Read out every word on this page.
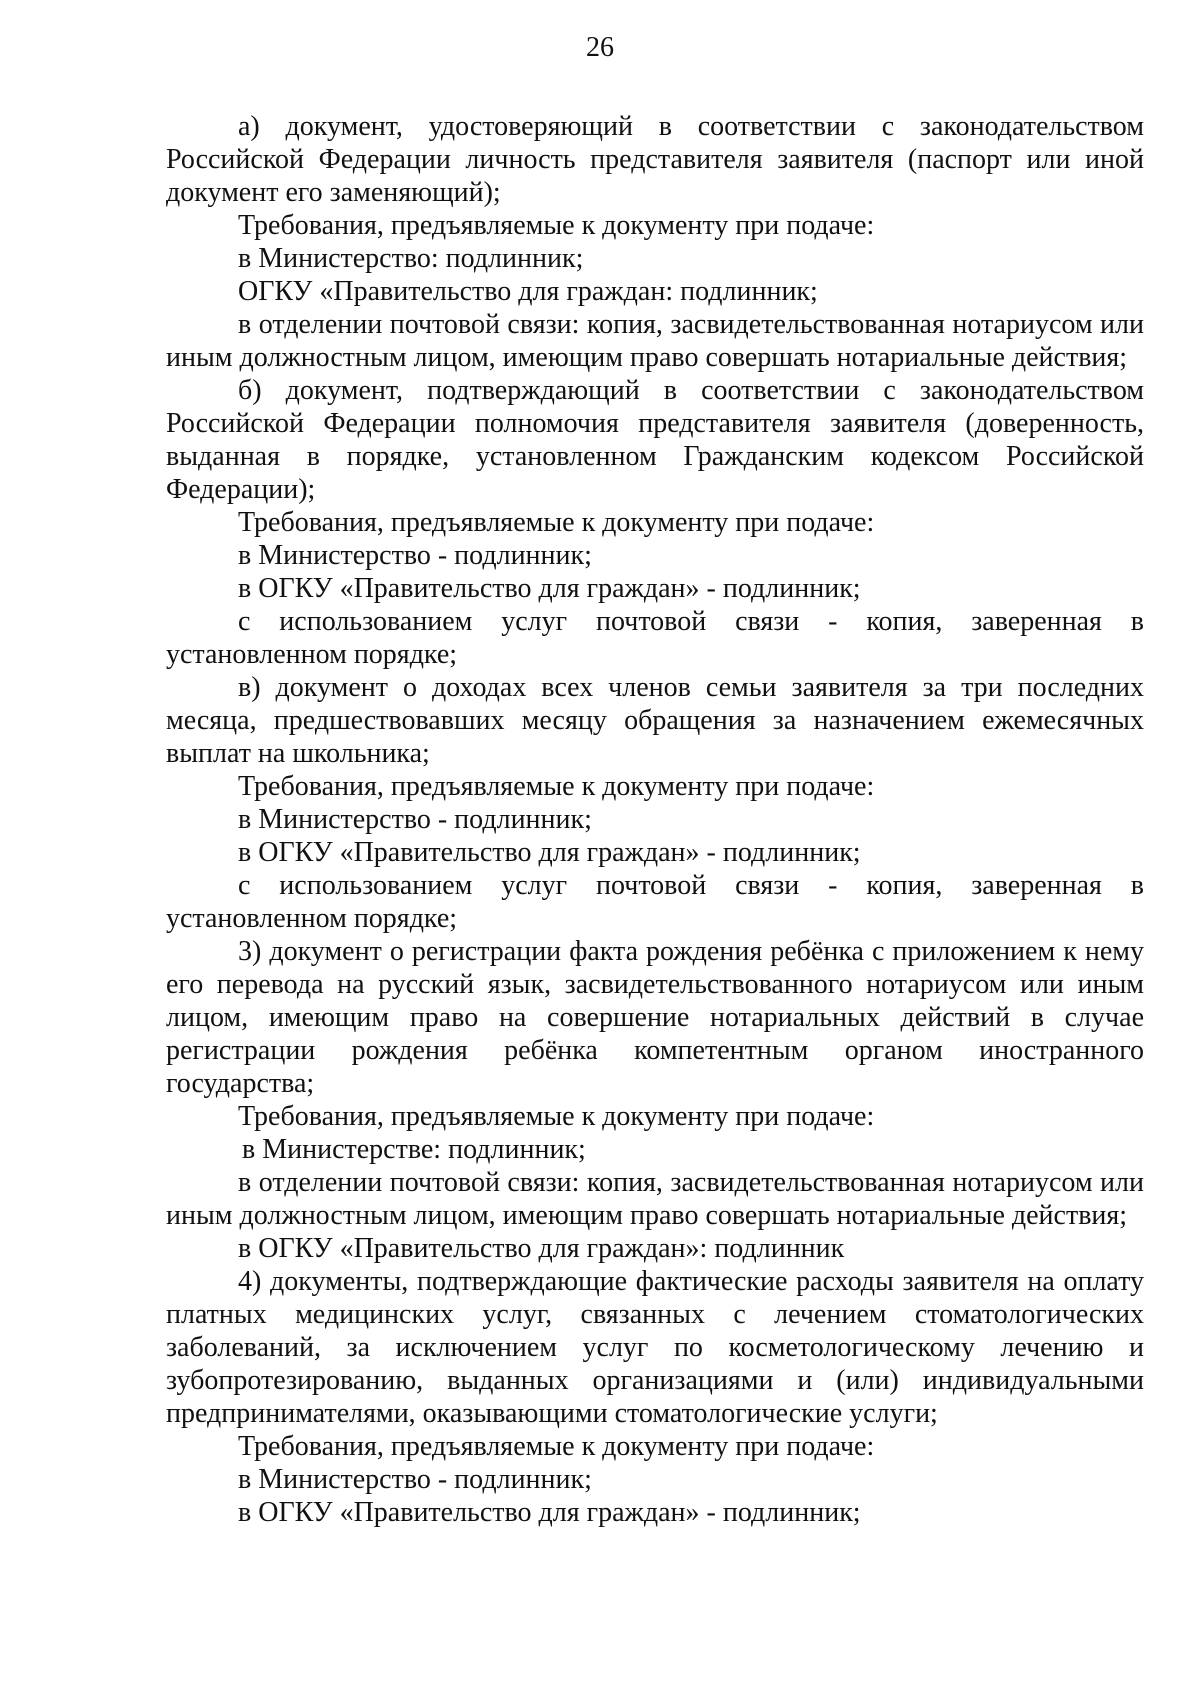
26

а) документ, удостоверяющий в соответствии с законодательством Российской Федерации личность представителя заявителя (паспорт или иной документ его заменяющий);

Требования, предъявляемые к документу при подаче:

в Министерство: подлинник;

ОГКУ «Правительство для граждан: подлинник;

в отделении почтовой связи: копия, засвидетельствованная нотариусом или иным должностным лицом, имеющим право совершать нотариальные действия;

б) документ, подтверждающий в соответствии с законодательством Российской Федерации полномочия представителя заявителя (доверенность, выданная в порядке, установленном Гражданским кодексом Российской Федерации);

Требования, предъявляемые к документу при подаче:

в Министерство - подлинник;

в ОГКУ «Правительство для граждан» - подлинник;

с использованием услуг почтовой связи - копия, заверенная в установленном порядке;

в) документ о доходах всех членов семьи заявителя за три последних месяца, предшествовавших месяцу обращения за назначением ежемесячных выплат на школьника;

Требования, предъявляемые к документу при подаче:

в Министерство - подлинник;

в ОГКУ «Правительство для граждан» - подлинник;

с использованием услуг почтовой связи - копия, заверенная в установленном порядке;

3) документ о регистрации факта рождения ребёнка с приложением к нему его перевода на русский язык, засвидетельствованного нотариусом или иным лицом, имеющим право на совершение нотариальных действий в случае регистрации рождения ребёнка компетентным органом иностранного государства;

Требования, предъявляемые к документу при подаче:

в Министерстве: подлинник;

в отделении почтовой связи: копия, засвидетельствованная нотариусом или иным должностным лицом, имеющим право совершать нотариальные действия;

в ОГКУ «Правительство для граждан»: подлинник

4) документы, подтверждающие фактические расходы заявителя на оплату платных медицинских услуг, связанных с лечением стоматологических заболеваний, за исключением услуг по косметологическому лечению и зубопротезированию, выданных организациями и (или) индивидуальными предпринимателями, оказывающими стоматологические услуги;

Требования, предъявляемые к документу при подаче:

в Министерство - подлинник;

в ОГКУ «Правительство для граждан» - подлинник;
